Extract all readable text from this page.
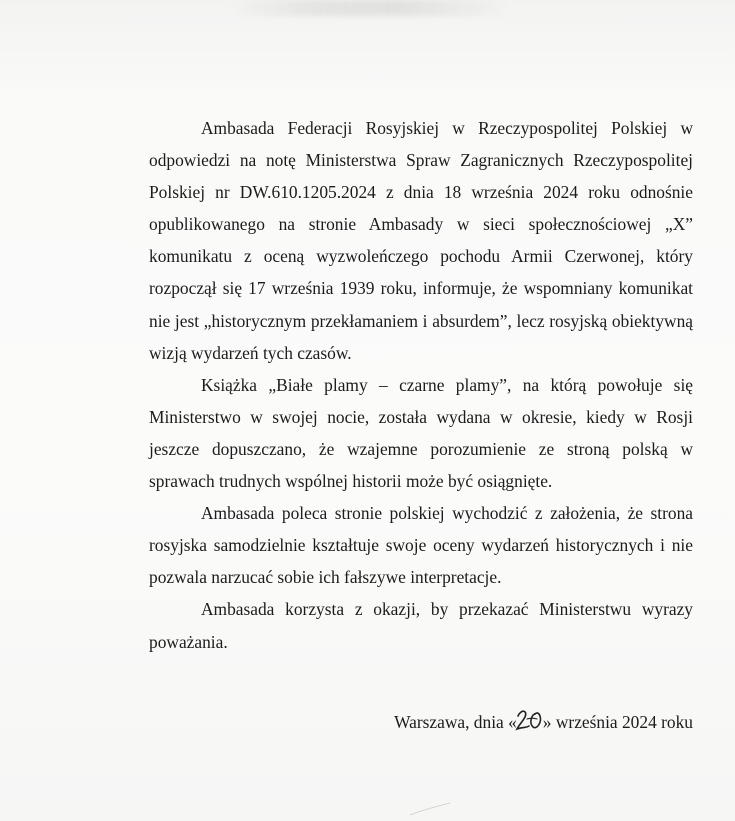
Ambasada Federacji Rosyjskiej w Rzeczypospolitej Polskiej w odpowiedzi na notę Ministerstwa Spraw Zagranicznych Rzeczypospolitej Polskiej nr DW.610.1205.2024 z dnia 18 września 2024 roku odnośnie opublikowanego na stronie Ambasady w sieci społecznościowej „X” komunikatu z oceną wyzwoleńczego pochodu Armii Czerwonej, który rozpoczął się 17 września 1939 roku, informuje, że wspomniany komunikat nie jest „historycznym przekłamaniem i absurdem”, lecz rosyjską obiektywną wizją wydarzeń tych czasów.

Książka „Białe plamy – czarne plamy”, na którą powołuje się Ministerstwo w swojej nocie, została wydana w okresie, kiedy w Rosji jeszcze dopuszczano, że wzajemne porozumienie ze stroną polską w sprawach trudnych wspólnej historii może być osiągnięte.

Ambasada poleca stronie polskiej wychodzić z założenia, że strona rosyjska samodzielnie kształtuje swoje oceny wydarzeń historycznych i nie pozwala narzucać sobie ich fałszywe interpretacje.

Ambasada korzysta z okazji, by przekazać Ministerstwu wyrazy poważania.

Warszawa, dnia « » września 2024 roku
